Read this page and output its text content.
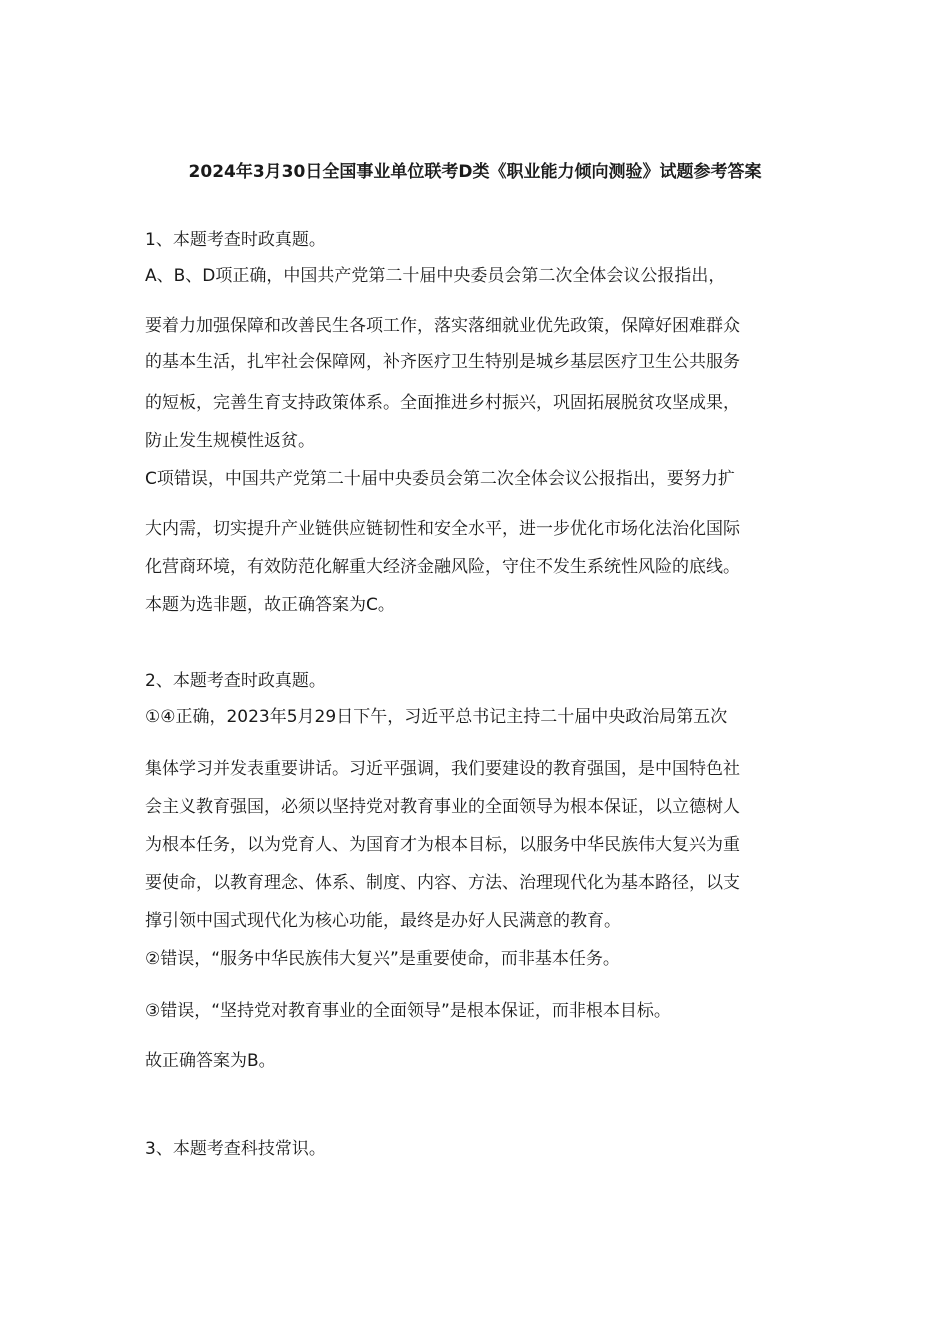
2024年3月30日全国事业单位联考D类《职业能力倾向测验》试题参考答案
1、本题考查时政真题。
A、B、D项正确，中国共产党第二十届中央委员会第二次全体会议公报指出，
要着力加强保障和改善民生各项工作，落实落细就业优先政策，保障好困难群众
的基本生活，扎牢社会保障网，补齐医疗卫生特别是城乡基层医疗卫生公共服务
的短板，完善生育支持政策体系。全面推进乡村振兴，巩固拓展脱贫攻坚成果，
防止发生规模性返贫。
C项错误，中国共产党第二十届中央委员会第二次全体会议公报指出，要努力扩
大内需，切实提升产业链供应链韧性和安全水平，进一步优化市场化法治化国际
化营商环境，有效防范化解重大经济金融风险，守住不发生系统性风险的底线。
本题为选非题，故正确答案为C。
2、本题考查时政真题。
①④正确，2023年5月29日下午，习近平总书记主持二十届中央政治局第五次
集体学习并发表重要讲话。习近平强调，我们要建设的教育强国，是中国特色社
会主义教育强国，必须以坚持党对教育事业的全面领导为根本保证，以立德树人
为根本任务，以为党育人、为国育才为根本目标，以服务中华民族伟大复兴为重
要使命，以教育理念、体系、制度、内容、方法、治理现代化为基本路径，以支
撑引领中国式现代化为核心功能，最终是办好人民满意的教育。
②错误，“服务中华民族伟大复兴”是重要使命，而非基本任务。
③错误，“坚持党对教育事业的全面领导”是根本保证，而非根本目标。
故正确答案为B。
3、本题考查科技常识。
